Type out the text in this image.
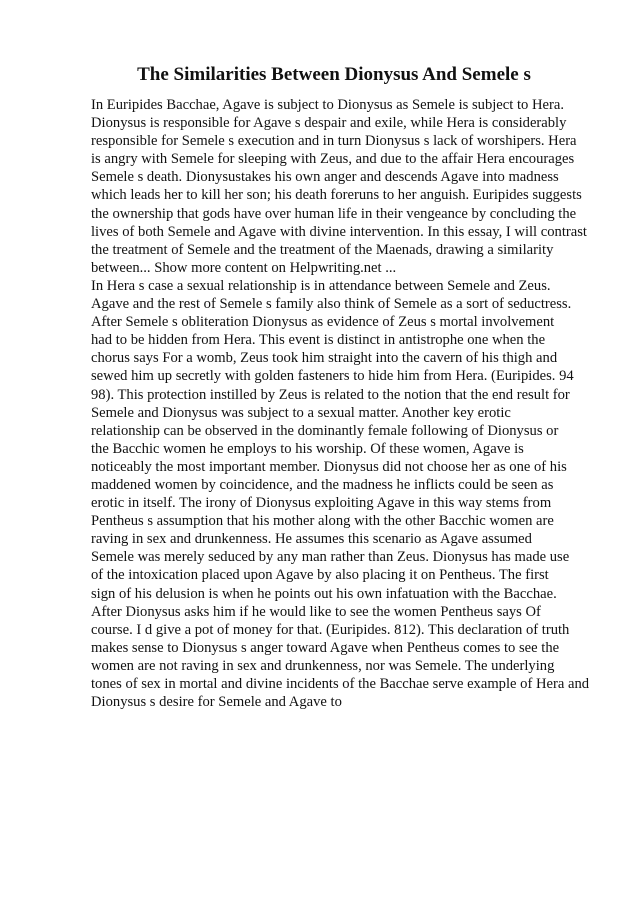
The Similarities Between Dionysus And Semele s
In Euripides Bacchae, Agave is subject to Dionysus as Semele is subject to Hera.
Dionysus is responsible for Agave s despair and exile, while Hera is considerably
responsible for Semele s execution and in turn Dionysus s lack of worshipers. Hera
is angry with Semele for sleeping with Zeus, and due to the affair Hera encourages
Semele s death. Dionysustakes his own anger and descends Agave into madness
which leads her to kill her son; his death foreruns to her anguish. Euripides suggests
the ownership that gods have over human life in their vengeance by concluding the
lives of both Semele and Agave with divine intervention. In this essay, I will contrast
the treatment of Semele and the treatment of the Maenads, drawing a similarity
between... Show more content on Helpwriting.net ...
In Hera s case a sexual relationship is in attendance between Semele and Zeus.
Agave and the rest of Semele s family also think of Semele as a sort of seductress.
After Semele s obliteration Dionysus as evidence of Zeus s mortal involvement
had to be hidden from Hera. This event is distinct in antistrophe one when the
chorus says For a womb, Zeus took him straight into the cavern of his thigh and
sewed him up secretly with golden fasteners to hide him from Hera. (Euripides. 94
98). This protection instilled by Zeus is related to the notion that the end result for
Semele and Dionysus was subject to a sexual matter. Another key erotic
relationship can be observed in the dominantly female following of Dionysus or
the Bacchic women he employs to his worship. Of these women, Agave is
noticeably the most important member. Dionysus did not choose her as one of his
maddened women by coincidence, and the madness he inflicts could be seen as
erotic in itself. The irony of Dionysus exploiting Agave in this way stems from
Pentheus s assumption that his mother along with the other Bacchic women are
raving in sex and drunkenness. He assumes this scenario as Agave assumed
Semele was merely seduced by any man rather than Zeus. Dionysus has made use
of the intoxication placed upon Agave by also placing it on Pentheus. The first
sign of his delusion is when he points out his own infatuation with the Bacchae.
After Dionysus asks him if he would like to see the women Pentheus says Of
course. I d give a pot of money for that. (Euripides. 812). This declaration of truth
makes sense to Dionysus s anger toward Agave when Pentheus comes to see the
women are not raving in sex and drunkenness, nor was Semele. The underlying
tones of sex in mortal and divine incidents of the Bacchae serve example of Hera and
Dionysus s desire for Semele and Agave to
